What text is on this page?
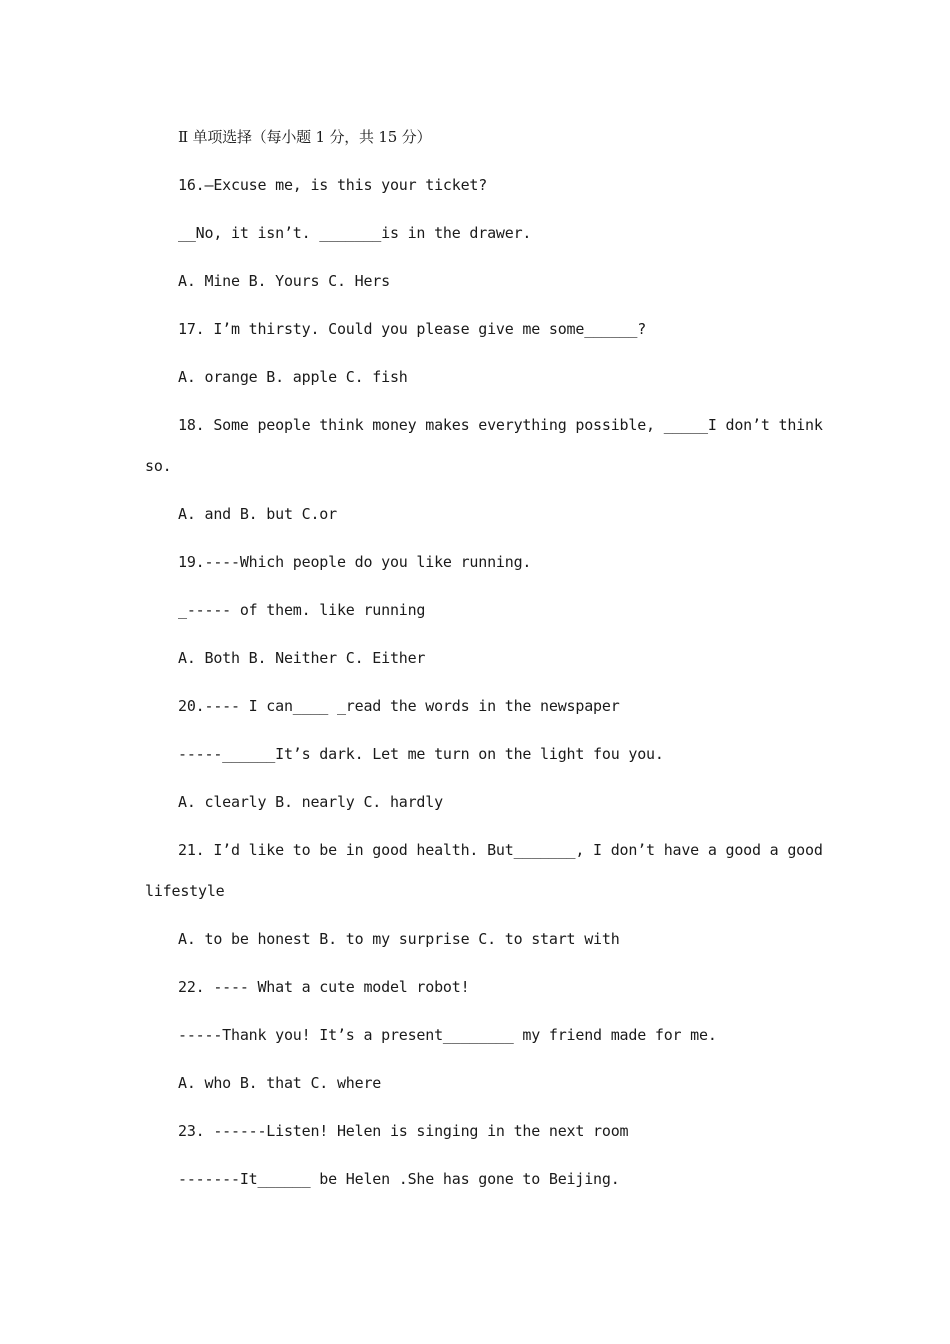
Ⅱ 单项选择（每小题 1 分，共 15 分）
16.—Excuse me, is this your ticket?
__No, it isn’t. _______is in the drawer.
A. Mine B. Yours C. Hers
17. I’m thirsty. Could you please give me some______?
A. orange B. apple C. fish
18. Some people think money makes everything possible, _____I don’t think
so.
A. and B. but C.or
19.----Which people do you like running.
_----- of them. like running
A. Both B. Neither C. Either
20.---- I can____ _read the words in the newspaper
-----______It’s dark. Let me turn on the light fou you.
A. clearly B. nearly C. hardly
21. I’d like to be in good health. But_______, I don’t have a good a good
lifestyle
A. to be honest B. to my surprise C. to start with
22. ---- What a cute model robot!
-----Thank you! It’s a present________ my friend made for me.
A. who B. that C. where
23. ------Listen! Helen is singing in the next room
-------It______ be Helen .She has gone to Beijing.
